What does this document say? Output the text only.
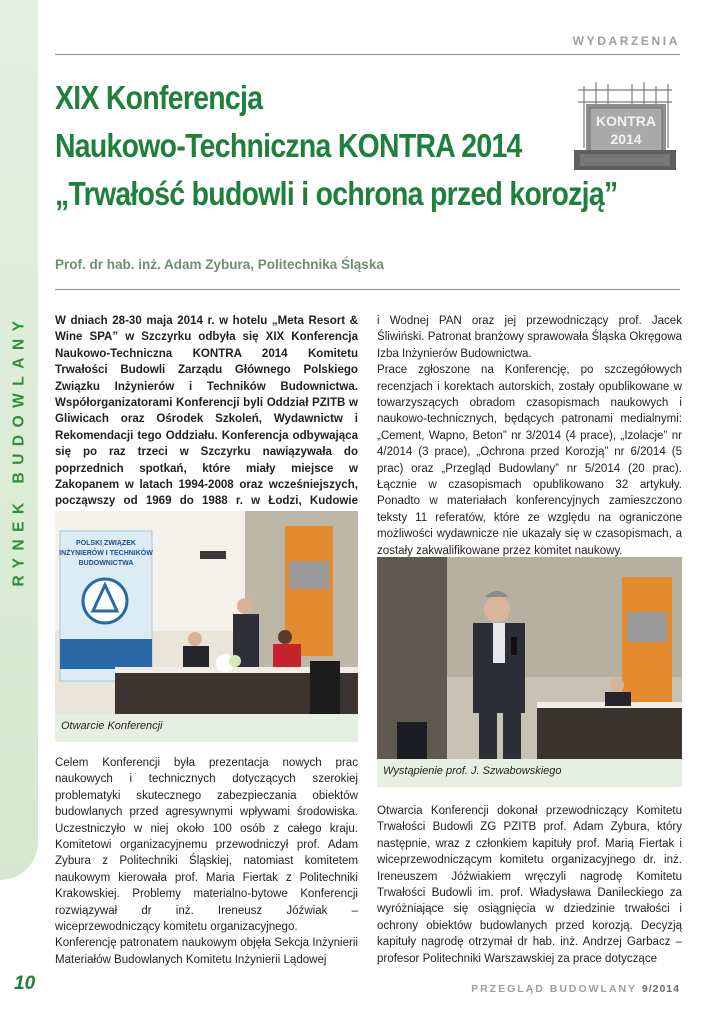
RYNEK BUDOWLANY
WYDARZENIA
XIX Konferencja
Naukowo-Techniczna KONTRA 2014
„Trwałość budowli i ochrona przed korozją”
KONTRA
2014
Prof. dr hab. inż. Adam Zybura, Politechnika Śląska

W dniach 28-30 maja 2014 r. w hotelu „Meta Resort & Wine SPA” w Szczyrku odbyła się XIX Konferencja Naukowo-Techniczna KONTRA 2014 Komitetu Trwałości Budowli Zarządu Głównego Polskiego Związku Inżynierów i Techników Budownictwa. Współorganizatorami Konferencji byli Oddział PZITB w Gliwicach oraz Ośrodek Szkoleń, Wydawnictw i Rekomendacji tego Oddziału. Konferencja odbywająca się po raz trzeci w Szczyrku nawiązywała do poprzednich spotkań, które miały miejsce w Zakopanem w latach 1994-2008 oraz wcześniejszych, począwszy od 1969 do 1988 r. w Łodzi, Kudowie

POLSKI ZWIĄZEK
INŻYNIERÓW I TECHNIKÓW
BUDOWNICTWA
Otwarcie Konferencji

Celem Konferencji była prezentacja nowych prac naukowych i technicznych dotyczących szerokiej problematyki skutecznego zabezpieczania obiektów budowlanych przed agresywnymi wpływami środowiska. Uczestniczyło w niej około 100 osób z całego kraju. Komitetowi organizacyjnemu przewodniczył prof. Adam Zybura z Politechniki Śląskiej, natomiast komitetem naukowym kierowała prof. Maria Fiertak z Politechniki Krakowskiej. Problemy materialno-bytowe Konferencji rozwiązywał dr inż. Ireneusz Jóźwiak – wiceprzewodniczący komitetu organizacyjnego.

Konferencję patronatem naukowym objęła Sekcja Inżynierii Materiałów Budowlanych Komitetu Inżynierii Lądowej

i Wodnej PAN oraz jej przewodniczący prof. Jacek Śliwiński. Patronat branżowy sprawowała Śląska Okręgowa Izba Inżynierów Budownictwa.

Prace zgłoszone na Konferencję, po szczegółowych recenzjach i korektach autorskich, zostały opublikowane w towarzyszących obradom czasopismach naukowych i naukowo-technicznych, będących patronami medialnymi: „Cement, Wapno, Beton” nr 3/2014 (4 prace), „Izolacje” nr 4/2014 (3 prace), „Ochrona przed Korozją” nr 6/2014 (5 prac) oraz „Przegląd Budowlany” nr 5/2014 (20 prac). Łącznie w czasopismach opublikowano 32 artykuły. Ponadto w materiałach konferencyjnych zamieszczono teksty 11 referatów, które ze względu na ograniczone możliwości wydawnicze nie ukazały się w czasopismach, a zostały zakwalifikowane przez komitet naukowy.

Wystąpienie prof. J. Szwabowskiego

Otwarcia Konferencji dokonał przewodniczący Komitetu Trwałości Budowli ZG PZITB prof. Adam Zybura, który następnie, wraz z członkiem kapituły prof. Marią Fiertak i wiceprzewodniczącym komitetu organizacyjnego dr. inż. Ireneuszem Jóźwiakiem wręczyli nagrodę Komitetu Trwałości Budowli im. prof. Władysława Danileckiego za wyróżniające się osiągnięcia w dziedzinie trwałości i ochrony obiektów budowlanych przed korozją. Decyzją kapituły nagrodę otrzymał dr hab. inż. Andrzej Garbacz – profesor Politechniki Warszawskiej za prace dotyczące

10	PRZEGLĄD BUDOWLANY 9/2014
